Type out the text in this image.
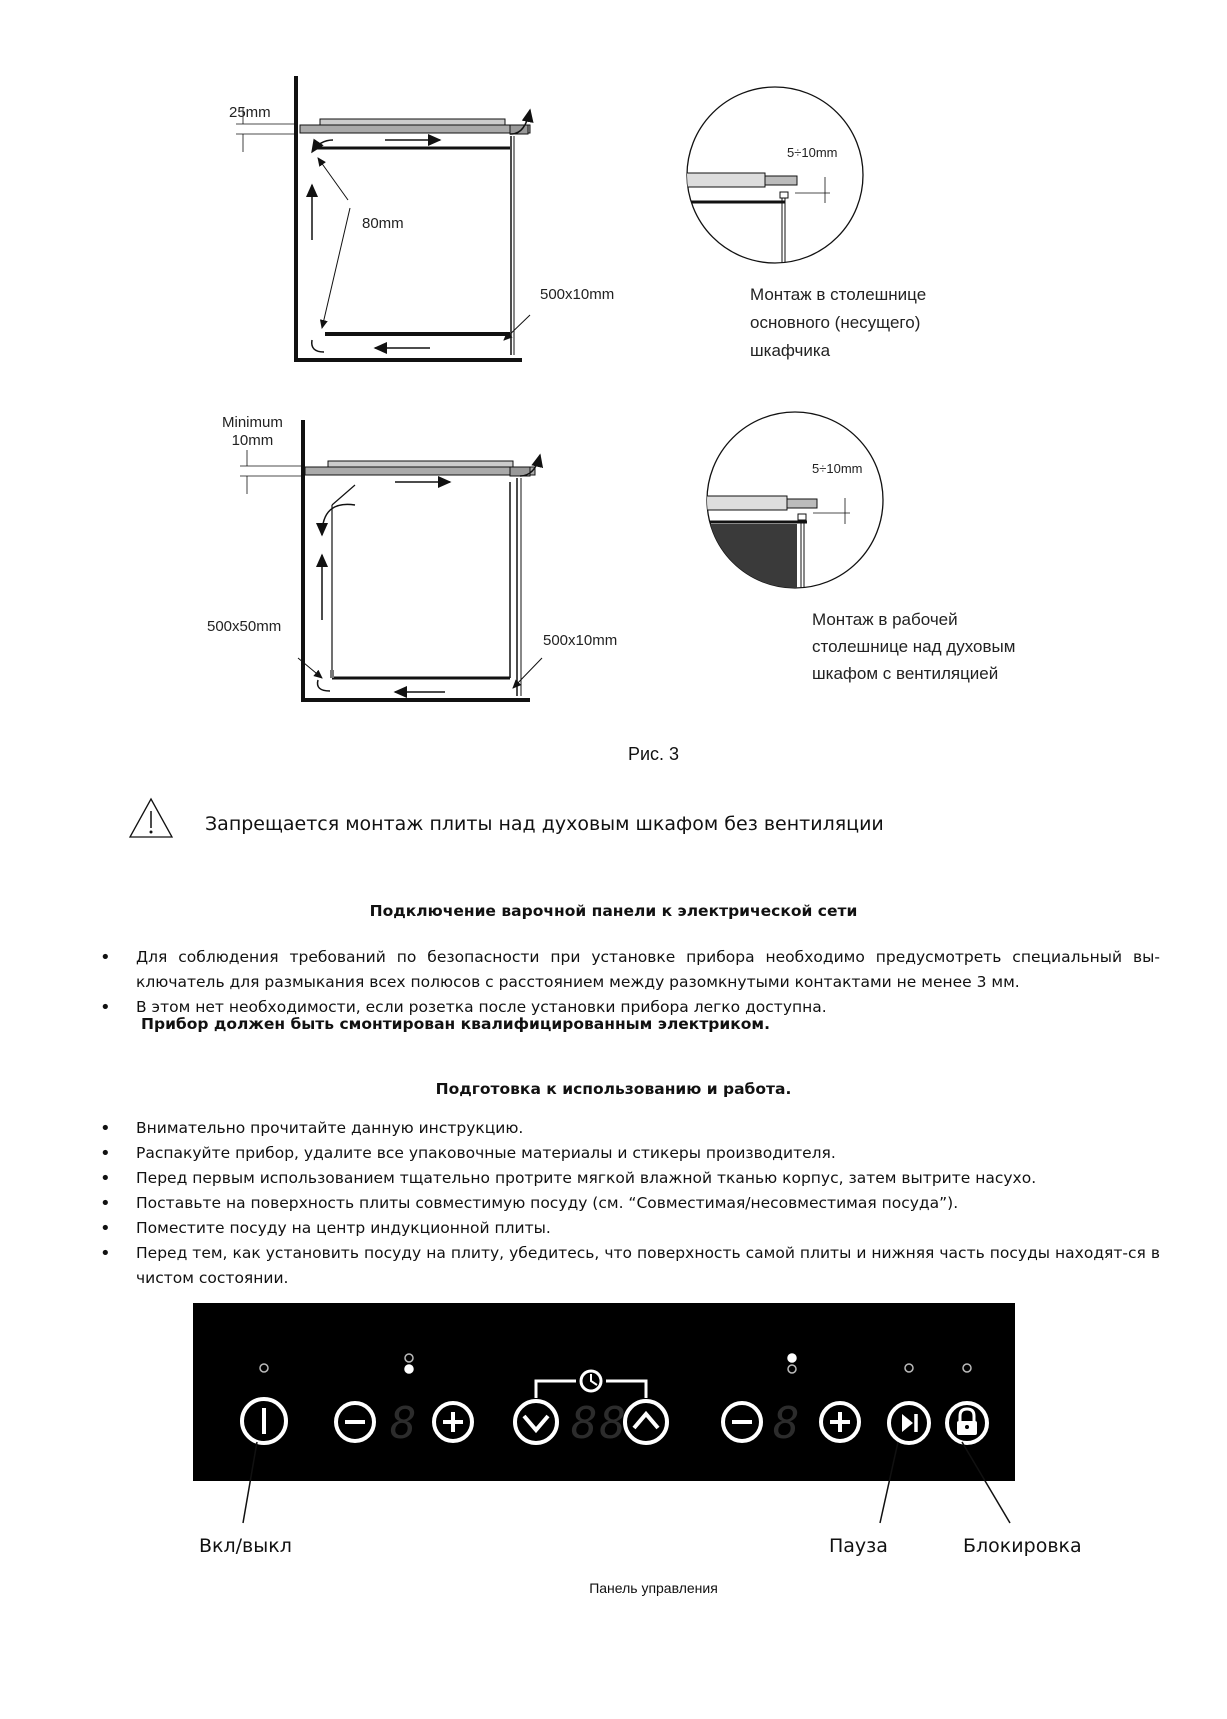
25mm
80mm
500x10mm
5÷10mm
Монтаж в столешнице
основного (несущего)
шкафчика
Minimum
10mm
500x50mm
500x10mm
5÷10mm
Монтаж в рабочей
столешнице над духовым
шкафом с вентиляцией
Рис. 3
Запрещается монтаж плиты над духовым шкафом без вентиляции
Подключение варочной панели к электрической сети
• Для соблюдения требований по безопасности при установке прибора необходимо предусмотреть специальный вы-ключатель для размыкания всех полюсов с расстоянием между разомкнутыми контактами не менее 3 мм.
• В этом нет необходимости, если розетка после установки прибора легко доступна.
Прибор должен быть смонтирован квалифицированным электриком.
Подготовка к использованию и работа.
• Внимательно прочитайте данную инструкцию.
• Распакуйте прибор, удалите все упаковочные материалы и стикеры производителя.
• Перед первым использованием тщательно протрите мягкой влажной тканью корпус, затем вытрите насухо.
• Поставьте на поверхность плиты совместимую посуду (см. “Совместимая/несовместимая посуда”).
• Поместите посуду на центр индукционной плиты.
• Перед тем, как установить посуду на плиту, убедитесь, что поверхность самой плиты и нижняя часть посуды находят-ся в чистом состоянии.
8	88	8
Вкл/выкл	Пауза	Блокировка
Панель управления
